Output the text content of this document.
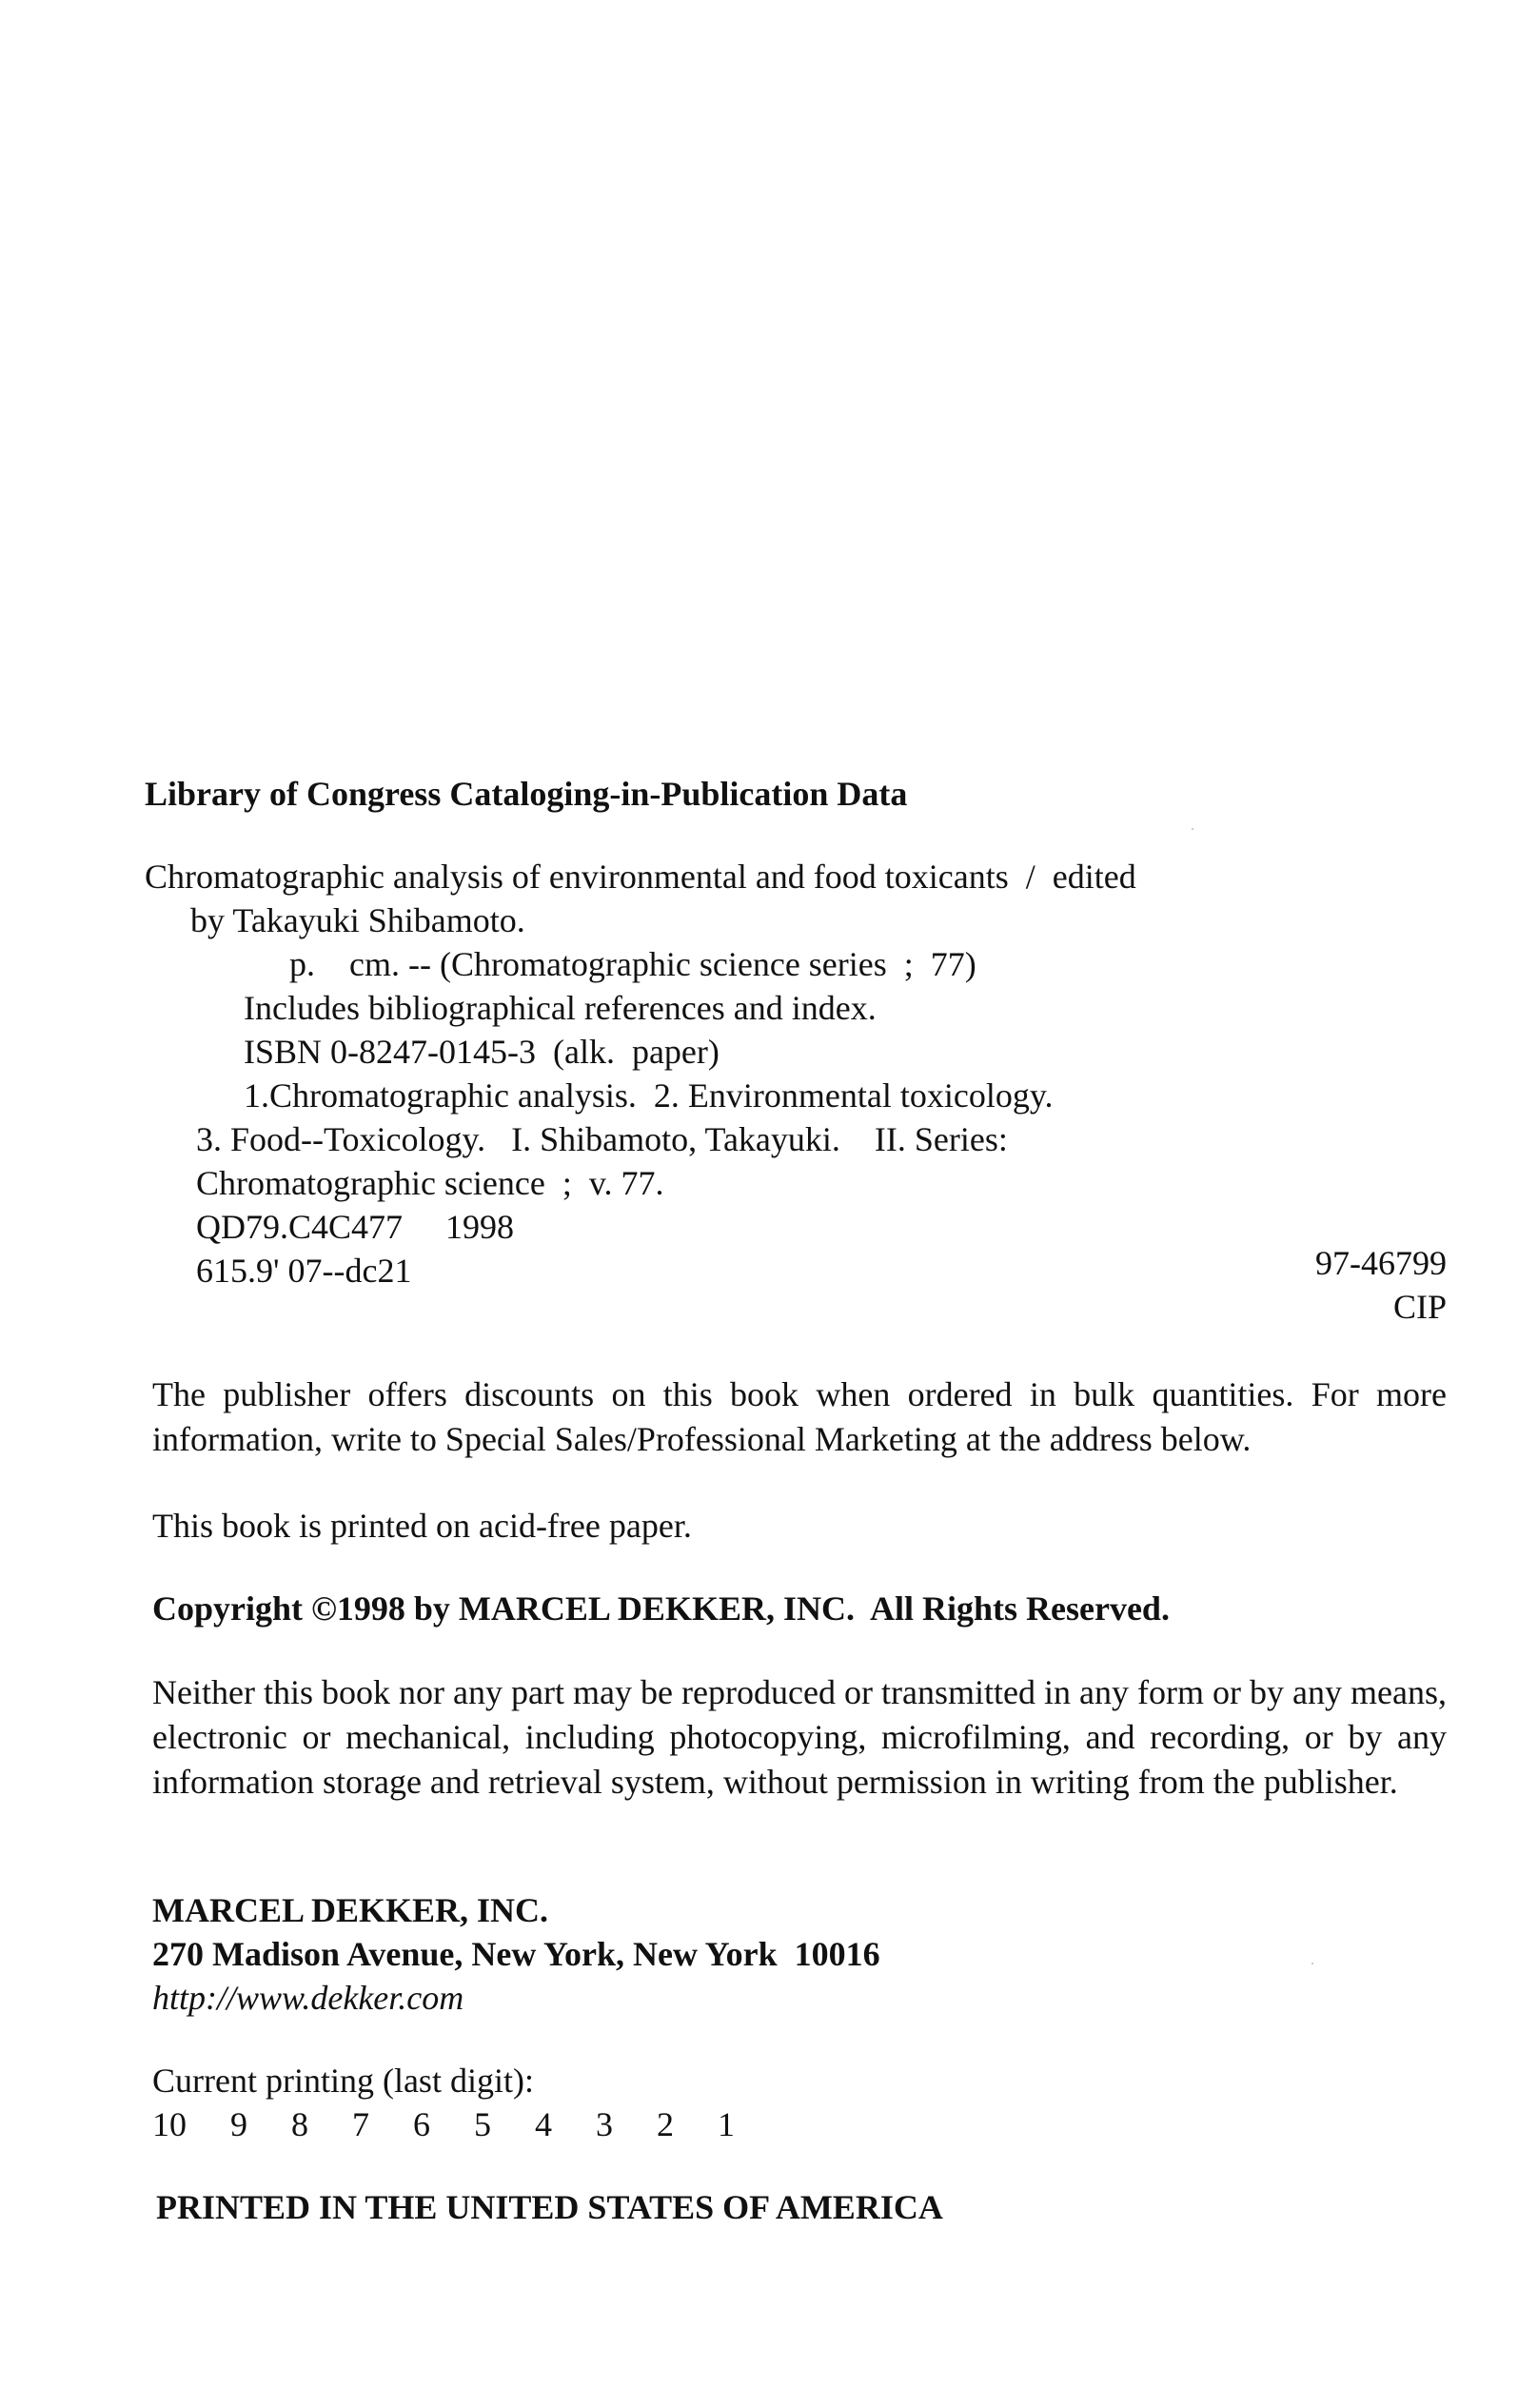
Library of Congress Cataloging-in-Publication Data
Chromatographic analysis of environmental and food toxicants  /  edited
by Takayuki Shibamoto.
p.    cm. -- (Chromatographic science series  ;  77)
Includes bibliographical references and index.
ISBN 0-8247-0145-3  (alk.  paper)
1.Chromatographic analysis.  2. Environmental toxicology.
3. Food--Toxicology.   I. Shibamoto, Takayuki.    II. Series:
Chromatographic science  ;  v. 77.
QD79.C4C477     1998
615.9' 07--dc21	97-46799
CIP
The publisher offers discounts on this book when ordered in bulk quantities. For more information, write to Special Sales/Professional Marketing at the address below.
This book is printed on acid-free paper.
Copyright ©1998 by MARCEL DEKKER, INC.  All Rights Reserved.
Neither this book nor any part may be reproduced or transmitted in any form or by any means, electronic or mechanical, including photocopying, microfilming, and recording, or by any information storage and retrieval system, without permission in writing from the publisher.
MARCEL DEKKER, INC.
270 Madison Avenue, New York, New York  10016
http://www.dekker.com
Current printing (last digit):
10  9  8  7  6  5  4  3  2  1
PRINTED IN THE UNITED STATES OF AMERICA
